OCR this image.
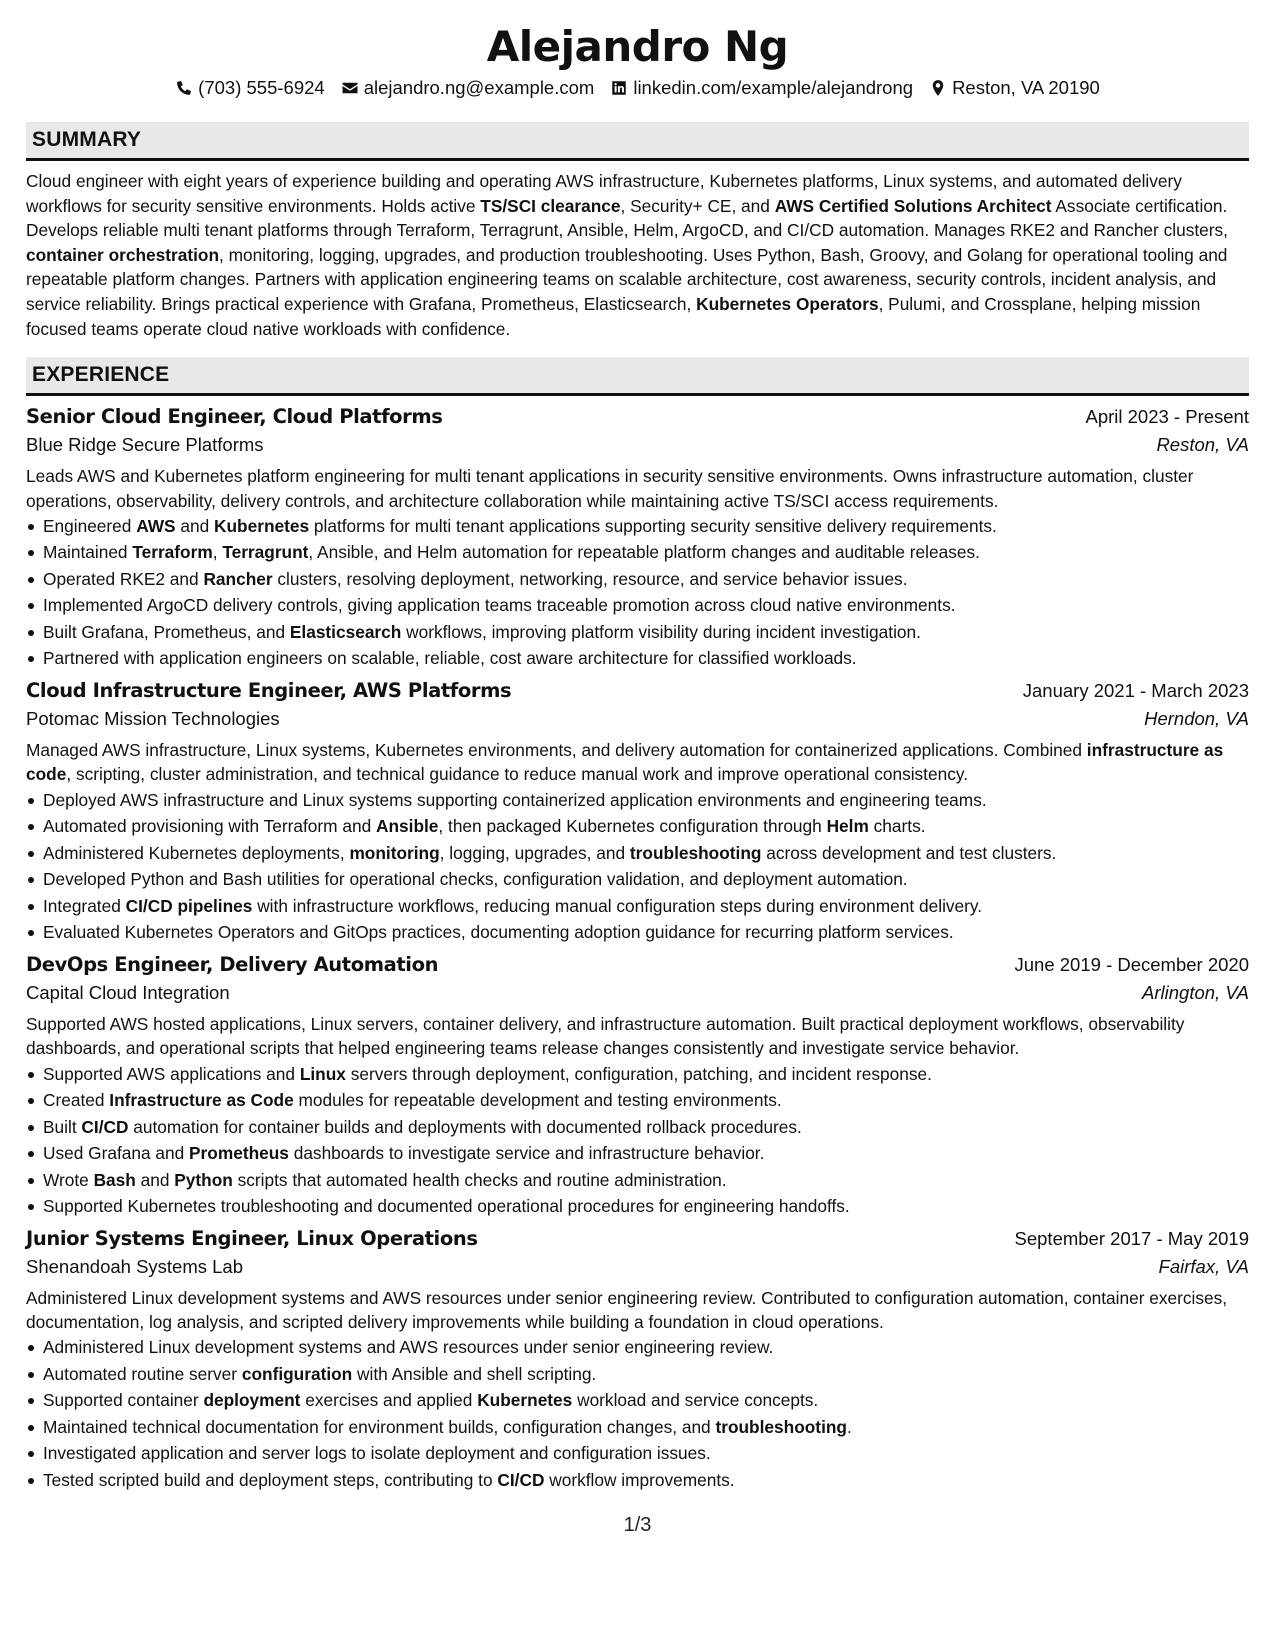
Alejandro Ng
(703) 555-6924 alejandro.ng@example.com linkedin.com/example/alejandrong Reston, VA 20190
SUMMARY

Cloud engineer with eight years of experience building and operating AWS infrastructure, Kubernetes platforms, Linux systems, and automated delivery workflows for security sensitive environments. Holds active TS/SCI clearance, Security+ CE, and AWS Certified Solutions Architect Associate certification. Develops reliable multi tenant platforms through Terraform, Terragrunt, Ansible, Helm, ArgoCD, and CI/CD automation. Manages RKE2 and Rancher clusters, container orchestration, monitoring, logging, upgrades, and production troubleshooting. Uses Python, Bash, Groovy, and Golang for operational tooling and repeatable platform changes. Partners with application engineering teams on scalable architecture, cost awareness, security controls, incident analysis, and service reliability. Brings practical experience with Grafana, Prometheus, Elasticsearch, Kubernetes Operators, Pulumi, and Crossplane, helping mission focused teams operate cloud native workloads with confidence.

EXPERIENCE
Senior Cloud Engineer, Cloud Platforms	April 2023 - Present
Blue Ridge Secure Platforms	Reston, VA

Leads AWS and Kubernetes platform engineering for multi tenant applications in security sensitive environments. Owns infrastructure automation, cluster operations, observability, delivery controls, and architecture collaboration while maintaining active TS/SCI access requirements.

Engineered AWS and Kubernetes platforms for multi tenant applications supporting security sensitive delivery requirements.
Maintained Terraform, Terragrunt, Ansible, and Helm automation for repeatable platform changes and auditable releases.
Operated RKE2 and Rancher clusters, resolving deployment, networking, resource, and service behavior issues.
Implemented ArgoCD delivery controls, giving application teams traceable promotion across cloud native environments.
Built Grafana, Prometheus, and Elasticsearch workflows, improving platform visibility during incident investigation.
Partnered with application engineers on scalable, reliable, cost aware architecture for classified workloads.
Cloud Infrastructure Engineer, AWS Platforms	January 2021 - March 2023
Potomac Mission Technologies	Herndon, VA

Managed AWS infrastructure, Linux systems, Kubernetes environments, and delivery automation for containerized applications. Combined infrastructure as code, scripting, cluster administration, and technical guidance to reduce manual work and improve operational consistency.

Deployed AWS infrastructure and Linux systems supporting containerized application environments and engineering teams.
Automated provisioning with Terraform and Ansible, then packaged Kubernetes configuration through Helm charts.
Administered Kubernetes deployments, monitoring, logging, upgrades, and troubleshooting across development and test clusters.
Developed Python and Bash utilities for operational checks, configuration validation, and deployment automation.
Integrated CI/CD pipelines with infrastructure workflows, reducing manual configuration steps during environment delivery.
Evaluated Kubernetes Operators and GitOps practices, documenting adoption guidance for recurring platform services.
DevOps Engineer, Delivery Automation	June 2019 - December 2020
Capital Cloud Integration	Arlington, VA

Supported AWS hosted applications, Linux servers, container delivery, and infrastructure automation. Built practical deployment workflows, observability dashboards, and operational scripts that helped engineering teams release changes consistently and investigate service behavior.

Supported AWS applications and Linux servers through deployment, configuration, patching, and incident response.
Created Infrastructure as Code modules for repeatable development and testing environments.
Built CI/CD automation for container builds and deployments with documented rollback procedures.
Used Grafana and Prometheus dashboards to investigate service and infrastructure behavior.
Wrote Bash and Python scripts that automated health checks and routine administration.
Supported Kubernetes troubleshooting and documented operational procedures for engineering handoffs.
Junior Systems Engineer, Linux Operations	September 2017 - May 2019
Shenandoah Systems Lab	Fairfax, VA

Administered Linux development systems and AWS resources under senior engineering review. Contributed to configuration automation, container exercises, documentation, log analysis, and scripted delivery improvements while building a foundation in cloud operations.

Administered Linux development systems and AWS resources under senior engineering review.
Automated routine server configuration with Ansible and shell scripting.
Supported container deployment exercises and applied Kubernetes workload and service concepts.
Maintained technical documentation for environment builds, configuration changes, and troubleshooting.
Investigated application and server logs to isolate deployment and configuration issues.
Tested scripted build and deployment steps, contributing to CI/CD workflow improvements.
1/3
